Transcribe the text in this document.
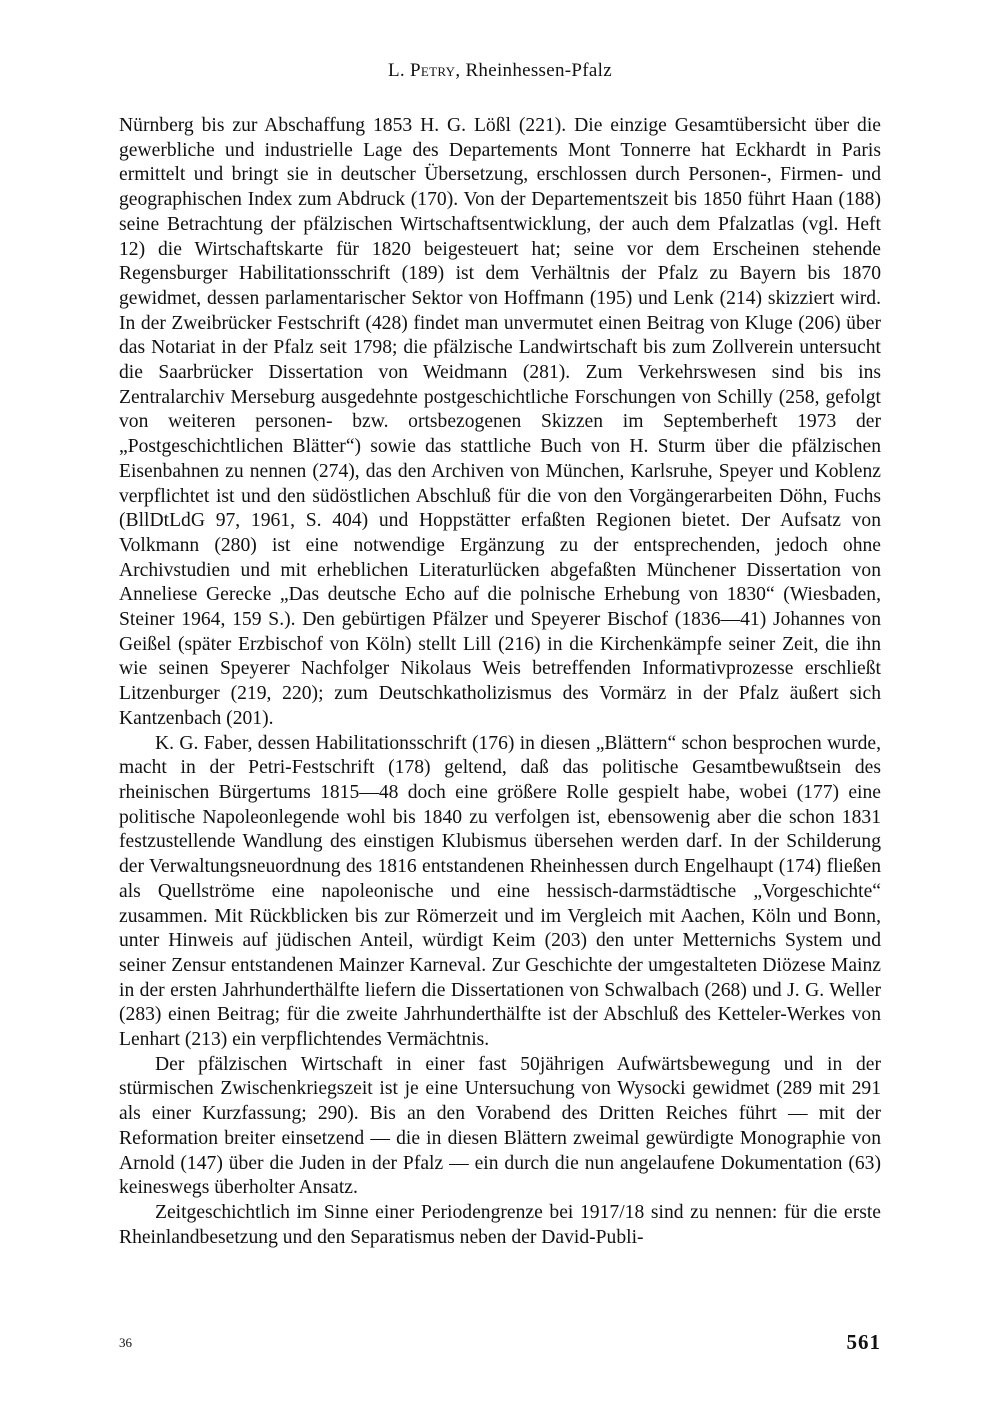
L. Petry, Rheinhessen-Pfalz

Nürnberg bis zur Abschaffung 1853 H. G. Lößl (221). Die einzige Gesamtübersicht über die gewerbliche und industrielle Lage des Departements Mont Tonnerre hat Eckhardt in Paris ermittelt und bringt sie in deutscher Übersetzung, erschlossen durch Personen-, Firmen- und geographischen Index zum Abdruck (170). Von der Departementszeit bis 1850 führt Haan (188) seine Betrachtung der pfälzischen Wirtschaftsentwicklung, der auch dem Pfalzatlas (vgl. Heft 12) die Wirtschaftskarte für 1820 beigesteuert hat; seine vor dem Erscheinen stehende Regensburger Habilitationsschrift (189) ist dem Verhältnis der Pfalz zu Bayern bis 1870 gewidmet, dessen parlamentarischer Sektor von Hoffmann (195) und Lenk (214) skizziert wird. In der Zweibrücker Festschrift (428) findet man unvermutet einen Beitrag von Kluge (206) über das Notariat in der Pfalz seit 1798; die pfälzische Landwirtschaft bis zum Zollverein untersucht die Saarbrücker Dissertation von Weidmann (281). Zum Verkehrswesen sind bis ins Zentralarchiv Merseburg ausgedehnte postgeschichtliche Forschungen von Schilly (258, gefolgt von weiteren personen- bzw. ortsbezogenen Skizzen im Septemberheft 1973 der „Postgeschichtlichen Blätter“) sowie das stattliche Buch von H. Sturm über die pfälzischen Eisenbahnen zu nennen (274), das den Archiven von München, Karlsruhe, Speyer und Koblenz verpflichtet ist und den südöstlichen Abschluß für die von den Vorgängerarbeiten Döhn, Fuchs (BllDtLdG 97, 1961, S. 404) und Hoppstätter erfaßten Regionen bietet. Der Aufsatz von Volkmann (280) ist eine notwendige Ergänzung zu der entsprechenden, jedoch ohne Archivstudien und mit erheblichen Literaturlücken abgefaßten Münchener Dissertation von Anneliese Gerecke „Das deutsche Echo auf die polnische Erhebung von 1830“ (Wiesbaden, Steiner 1964, 159 S.). Den gebürtigen Pfälzer und Speyerer Bischof (1836—41) Johannes von Geißel (später Erzbischof von Köln) stellt Lill (216) in die Kirchenkämpfe seiner Zeit, die ihn wie seinen Speyerer Nachfolger Nikolaus Weis betreffenden Informativprozesse erschließt Litzenburger (219, 220); zum Deutschkatholizismus des Vormärz in der Pfalz äußert sich Kantzenbach (201).

K. G. Faber, dessen Habilitationsschrift (176) in diesen „Blättern“ schon besprochen wurde, macht in der Petri-Festschrift (178) geltend, daß das politische Gesamtbewußtsein des rheinischen Bürgertums 1815—48 doch eine größere Rolle gespielt habe, wobei (177) eine politische Napoleonlegende wohl bis 1840 zu verfolgen ist, ebensowenig aber die schon 1831 festzustellende Wandlung des einstigen Klubismus übersehen werden darf. In der Schilderung der Verwaltungsneuordnung des 1816 entstandenen Rheinhessen durch Engelhaupt (174) fließen als Quellströme eine napoleonische und eine hessisch-darmstädtische „Vorgeschichte“ zusammen. Mit Rückblicken bis zur Römerzeit und im Vergleich mit Aachen, Köln und Bonn, unter Hinweis auf jüdischen Anteil, würdigt Keim (203) den unter Metternichs System und seiner Zensur entstandenen Mainzer Karneval. Zur Geschichte der umgestalteten Diözese Mainz in der ersten Jahrhunderthälfte liefern die Dissertationen von Schwalbach (268) und J. G. Weller (283) einen Beitrag; für die zweite Jahrhunderthälfte ist der Abschluß des Ketteler-Werkes von Lenhart (213) ein verpflichtendes Vermächtnis.

Der pfälzischen Wirtschaft in einer fast 50jährigen Aufwärtsbewegung und in der stürmischen Zwischenkriegszeit ist je eine Untersuchung von Wysocki gewidmet (289 mit 291 als einer Kurzfassung; 290). Bis an den Vorabend des Dritten Reiches führt — mit der Reformation breiter einsetzend — die in diesen Blättern zweimal gewürdigte Monographie von Arnold (147) über die Juden in der Pfalz — ein durch die nun angelaufene Dokumentation (63) keineswegs überholter Ansatz.

Zeitgeschichtlich im Sinne einer Periodengrenze bei 1917/18 sind zu nennen: für die erste Rheinlandbesetzung und den Separatismus neben der David-Publi-

36	561
